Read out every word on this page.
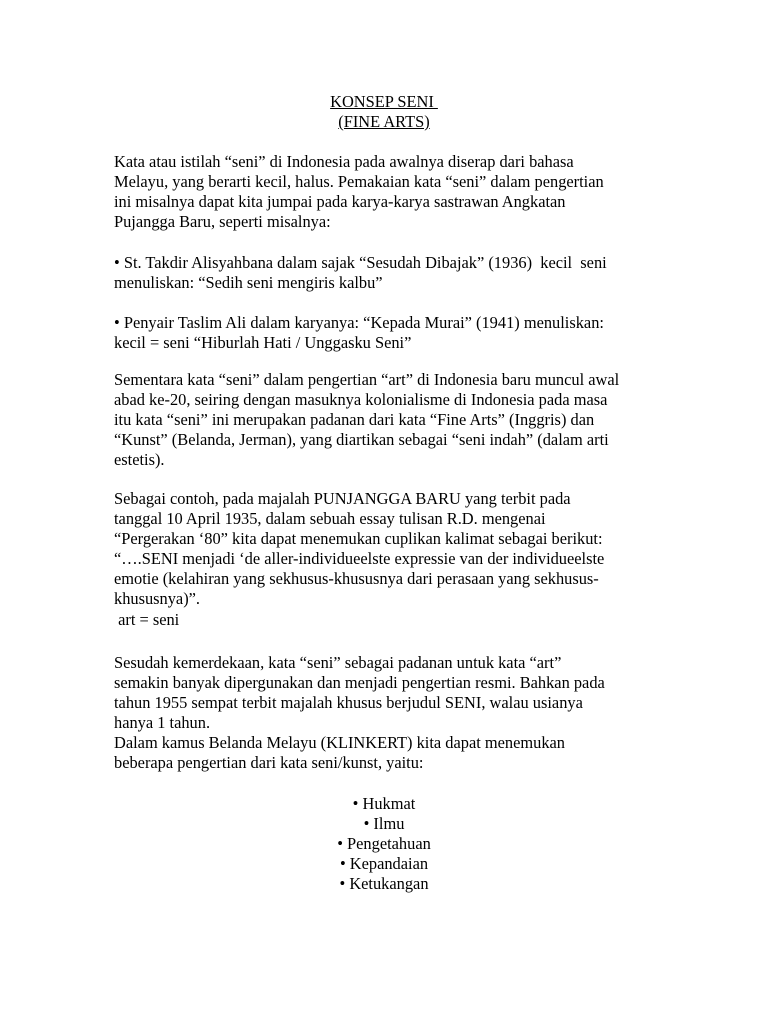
KONSEP SENI
(FINE ARTS)
Kata atau istilah “seni” di Indonesia pada awalnya diserap dari bahasa
Melayu, yang berarti kecil, halus. Pemakaian kata “seni” dalam pengertian
ini misalnya dapat kita jumpai pada karya-karya sastrawan Angkatan
Pujangga Baru, seperti misalnya:
• St. Takdir Alisyahbana dalam sajak “Sesudah Dibajak” (1936)  kecil  seni
menuliskan: “Sedih seni mengiris kalbu”
• Penyair Taslim Ali dalam karyanya: “Kepada Murai” (1941) menuliskan:
kecil = seni “Hiburlah Hati / Unggasku Seni”
Sementara kata “seni” dalam pengertian “art” di Indonesia baru muncul awal
abad ke-20, seiring dengan masuknya kolonialisme di Indonesia pada masa
itu kata “seni” ini merupakan padanan dari kata “Fine Arts” (Inggris) dan
“Kunst” (Belanda, Jerman), yang diartikan sebagai “seni indah” (dalam arti
estetis).
Sebagai contoh, pada majalah PUNJANGGA BARU yang terbit pada
tanggal 10 April 1935, dalam sebuah essay tulisan R.D. mengenai
“Pergerakan ‘80” kita dapat menemukan cuplikan kalimat sebagai berikut:
“….SENI menjadi ‘de aller-individueelste expressie van der individueelste
emotie (kelahiran yang sekhusus-khususnya dari perasaan yang sekhusus-
khususnya)”.
art = seni
Sesudah kemerdekaan, kata “seni” sebagai padanan untuk kata “art”
semakin banyak dipergunakan dan menjadi pengertian resmi. Bahkan pada
tahun 1955 sempat terbit majalah khusus berjudul SENI, walau usianya
hanya 1 tahun.
Dalam kamus Belanda Melayu (KLINKERT) kita dapat menemukan
beberapa pengertian dari kata seni/kunst, yaitu:
• Hukmat
• Ilmu
• Pengetahuan
• Kepandaian
• Ketukangan
